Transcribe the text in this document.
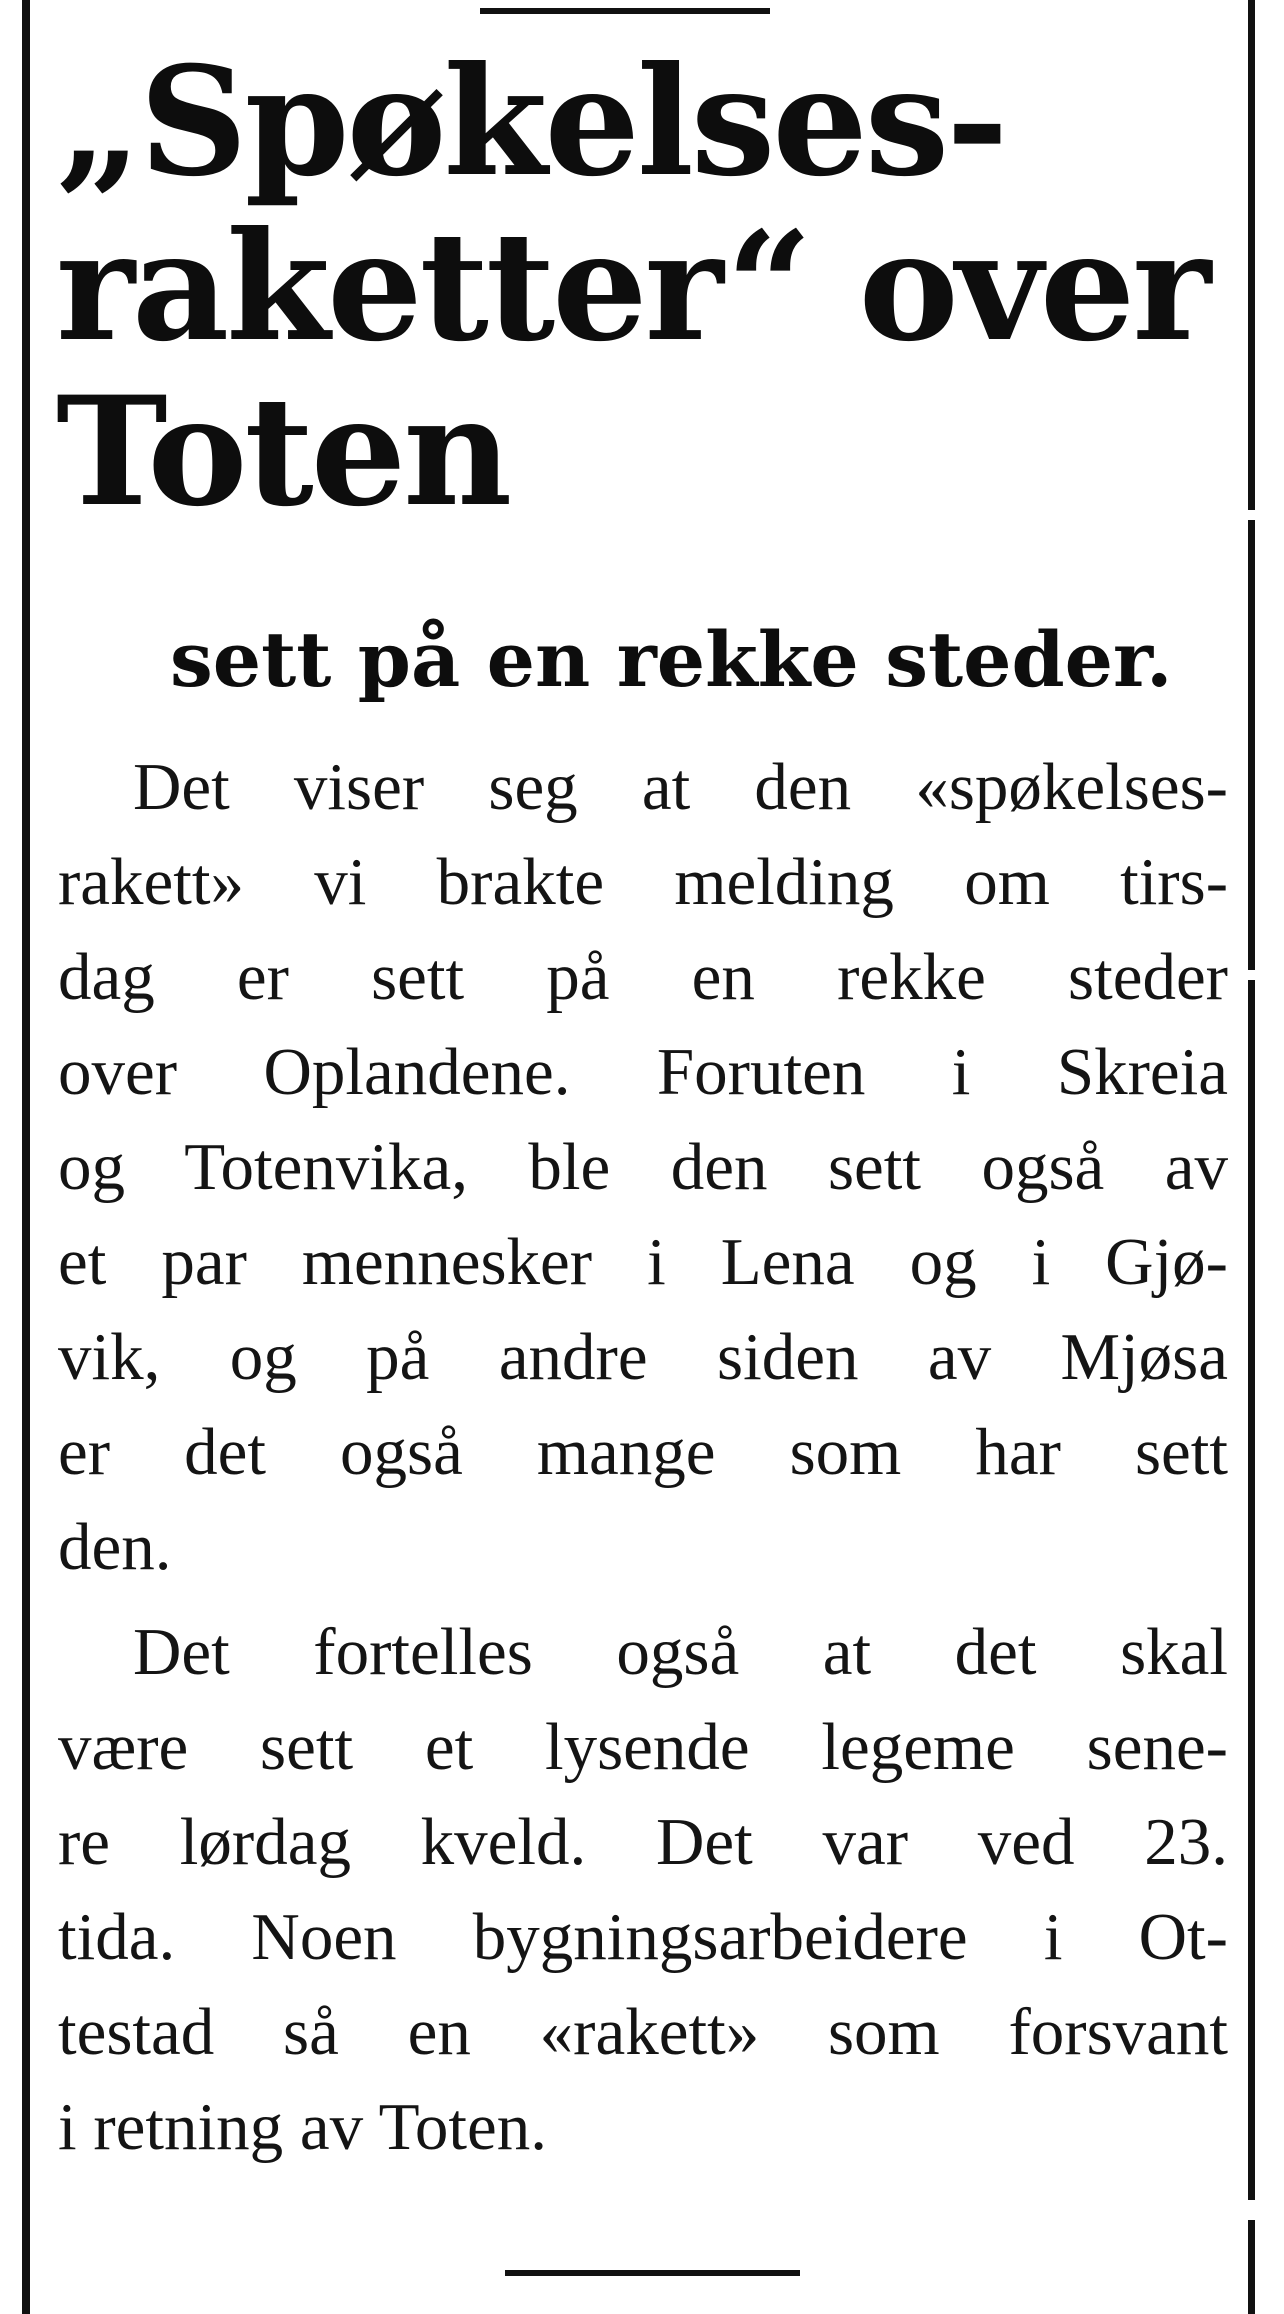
„Spøkelses-
raketter“ over
Toten
sett på en rekke steder.

Det viser seg at den «spøkelses-
rakett» vi brakte melding om tirs-
dag er sett på en rekke steder
over Oplandene. Foruten i Skreia
og Totenvika, ble den sett også av
et par mennesker i Lena og i Gjø-
vik, og på andre siden av Mjøsa
er det også mange som har sett
den.

Det fortelles også at det skal
være sett et lysende legeme sene-
re lørdag kveld. Det var ved 23.
tida. Noen bygningsarbeidere i Ot-
testad så en «rakett» som forsvant
i retning av Toten.
